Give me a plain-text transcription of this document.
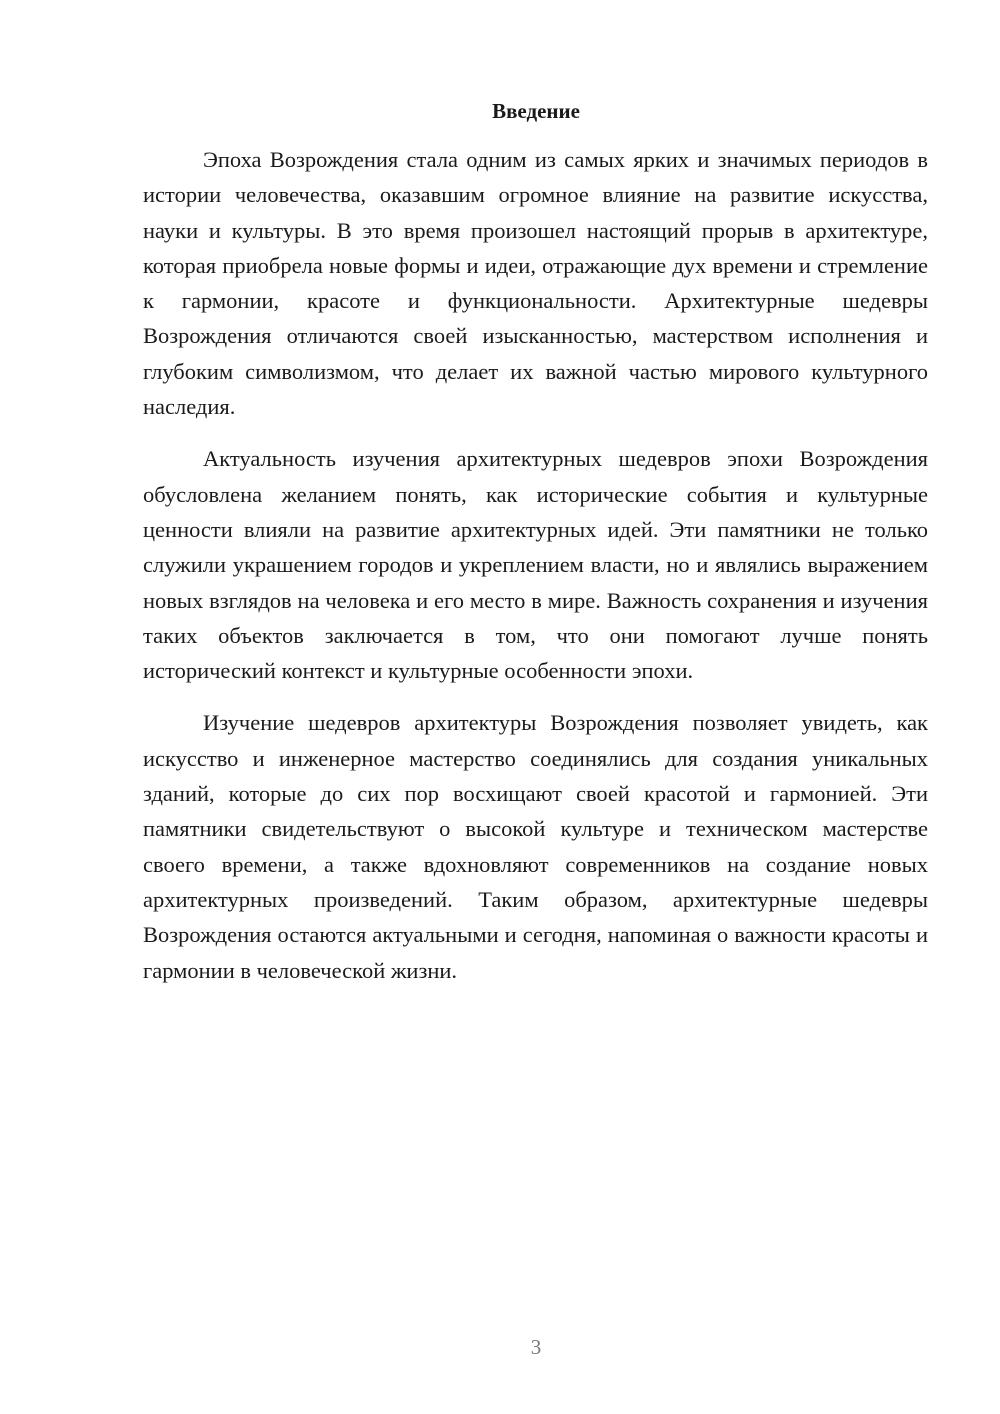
Введение

Эпоха Возрождения стала одним из самых ярких и значимых периодов в истории человечества, оказавшим огромное влияние на развитие искусства, науки и культуры. В это время произошел настоящий прорыв в архитектуре, которая приобрела новые формы и идеи, отражающие дух времени и стремление к гармонии, красоте и функциональности. Архитектурные шедевры Возрождения отличаются своей изысканностью, мастерством исполнения и глубоким символизмом, что делает их важной частью мирового культурного наследия.

Актуальность изучения архитектурных шедевров эпохи Возрождения обусловлена желанием понять, как исторические события и культурные ценности влияли на развитие архитектурных идей. Эти памятники не только служили украшением городов и укреплением власти, но и являлись выражением новых взглядов на человека и его место в мире. Важность сохранения и изучения таких объектов заключается в том, что они помогают лучше понять исторический контекст и культурные особенности эпохи.

Изучение шедевров архитектуры Возрождения позволяет увидеть, как искусство и инженерное мастерство соединялись для создания уникальных зданий, которые до сих пор восхищают своей красотой и гармонией. Эти памятники свидетельствуют о высокой культуре и техническом мастерстве своего времени, а также вдохновляют современников на создание новых архитектурных произведений. Таким образом, архитектурные шедевры Возрождения остаются актуальными и сегодня, напоминая о важности красоты и гармонии в человеческой жизни.

3
